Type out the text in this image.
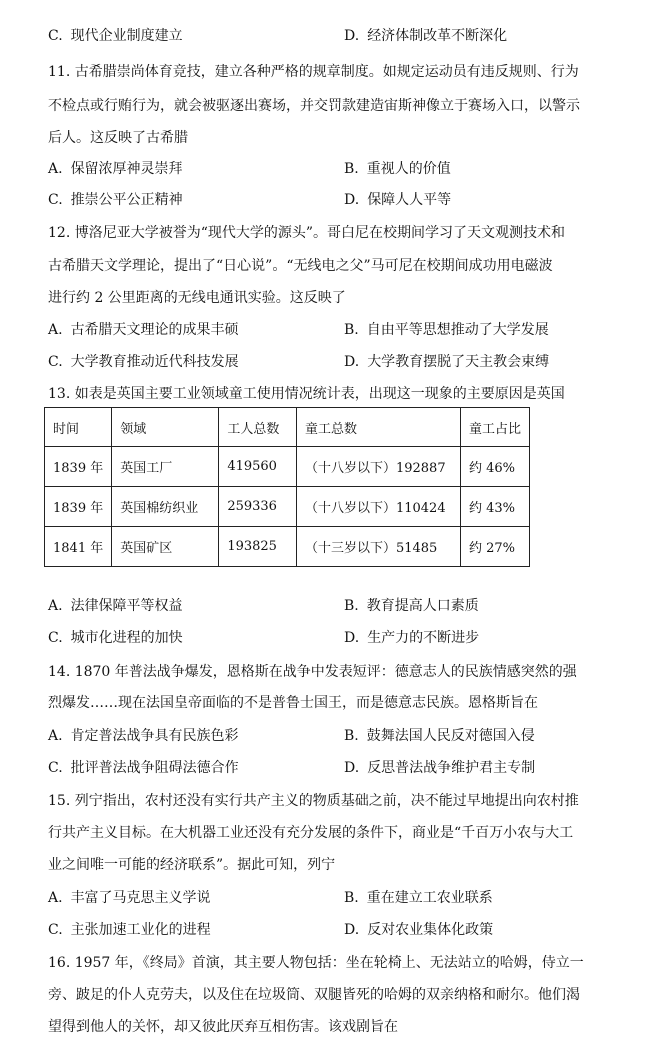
C. 现代企业制度建立	D. 经济体制改革不断深化
11. 古希腊崇尚体育竞技，建立各种严格的规章制度。如规定运动员有违反规则、行为
不检点或行贿行为，就会被驱逐出赛场，并交罚款建造宙斯神像立于赛场入口，以警示
后人。这反映了古希腊
A. 保留浓厚神灵崇拜	B. 重视人的价值
C. 推崇公平公正精神	D. 保障人人平等
12. 博洛尼亚大学被誉为“现代大学的源头”。哥白尼在校期间学习了天文观测技术和
古希腊天文学理论，提出了“日心说”。“无线电之父”马可尼在校期间成功用电磁波
进行约 2 公里距离的无线电通讯实验。这反映了
A. 古希腊天文理论的成果丰硕	B. 自由平等思想推动了大学发展
C. 大学教育推动近代科技发展	D. 大学教育摆脱了天主教会束缚
13. 如表是英国主要工业领域童工使用情况统计表，出现这一现象的主要原因是英国
时间	领域	工人总数	童工总数	童工占比
1839 年	英国工厂	419560	（十八岁以下）192887	约 46%
1839 年	英国棉纺织业	259336	（十八岁以下）110424	约 43%
1841 年	英国矿区	193825	（十三岁以下）51485	约 27%
A. 法律保障平等权益	B. 教育提高人口素质
C. 城市化进程的加快	D. 生产力的不断进步
14. 1870 年普法战争爆发，恩格斯在战争中发表短评：德意志人的民族情感突然的强
烈爆发……现在法国皇帝面临的不是普鲁士国王，而是德意志民族。恩格斯旨在
A. 肯定普法战争具有民族色彩	B. 鼓舞法国人民反对德国入侵
C. 批评普法战争阻碍法德合作	D. 反思普法战争维护君主专制
15. 列宁指出，农村还没有实行共产主义的物质基础之前，决不能过早地提出向农村推
行共产主义目标。在大机器工业还没有充分发展的条件下，商业是“千百万小农与大工
业之间唯一可能的经济联系”。据此可知，列宁
A. 丰富了马克思主义学说	B. 重在建立工农业联系
C. 主张加速工业化的进程	D. 反对农业集体化政策
16. 1957 年，《终局》首演，其主要人物包括：坐在轮椅上、无法站立的哈姆，侍立一
旁、跛足的仆人克劳夫，以及住在垃圾筒、双腿皆死的哈姆的双亲纳格和耐尔。他们渴
望得到他人的关怀，却又彼此厌弃互相伤害。该戏剧旨在
